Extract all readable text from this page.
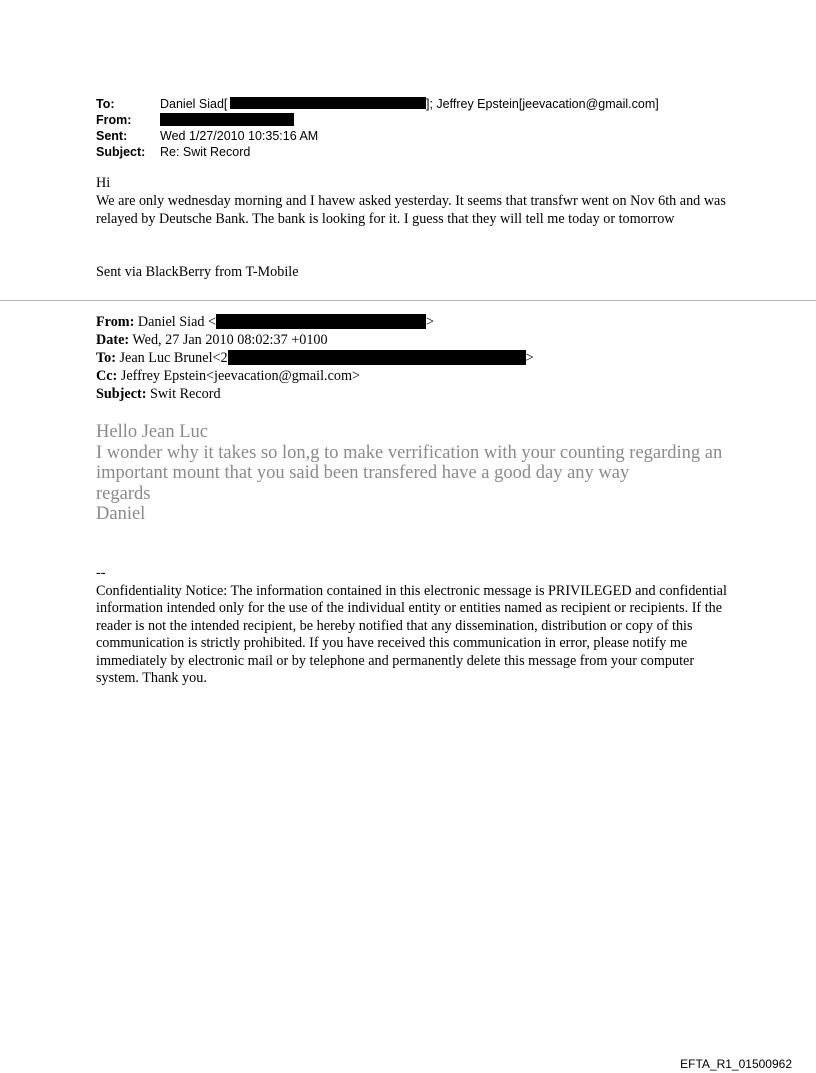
To:	Daniel Siad[	]; Jeffrey Epstein[jeevacation@gmail.com]
From:
Sent:	Wed 1/27/2010 10:35:16 AM
Subject: Re: Swit Record

Hi

We are only wednesday morning and I havew asked yesterday. It seems that transfwr went on Nov 6th and was relayed by Deutsche Bank. The bank is looking for it. I guess that they will tell me today or tomorrow

Sent via BlackBerry from T-Mobile
From: Daniel Siad <	>
Date: Wed, 27 Jan 2010 08:02:37 +0100
To: Jean Luc Brunel<2	>
Cc: Jeffrey Epstein<jeevacation@gmail.com>
Subject: Swit Record

Hello Jean Luc

I wonder why it takes so lon,g to make verrification with your counting regarding an important mount that you said been transfered have a good day any way

regards

Daniel

--

Confidentiality Notice: The information contained in this electronic message is PRIVILEGED and confidential information intended only for the use of the individual entity or entities named as recipient or recipients. If the reader is not the intended recipient, be hereby notified that any dissemination, distribution or copy of this communication is strictly prohibited. If you have received this communication in error, please notify me immediately by electronic mail or by telephone and permanently delete this message from your computer system. Thank you.

EFTA_R1_01500962
